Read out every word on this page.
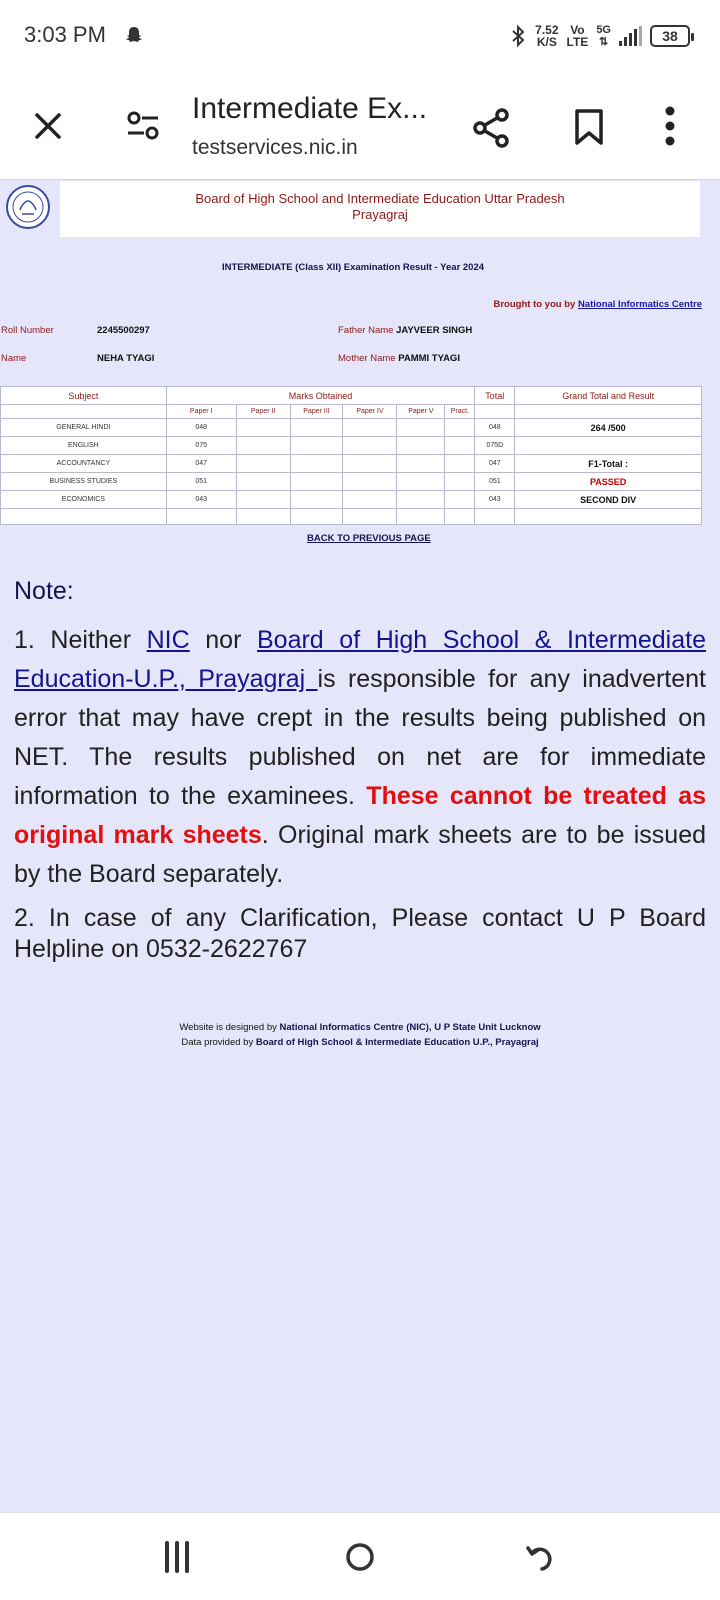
3:03 PM	7.52
K/S
Vo
LTE
5G
⇅	38
Intermediate Ex...
testservices.nic.in
Board of High School and Intermediate Education Uttar Pradesh
Prayagraj
INTERMEDIATE (Class XII) Examination Result - Year 2024
Brought to you by National Informatics Centre
Roll Number	2245500297	Father Name JAYVEER SINGH
Name	NEHA TYAGI	Mother Name PAMMI TYAGI
Subject	Marks Obtained						Total	Grand Total and Result
	Paper I	Paper II	Paper III	Paper IV	Paper V	Pract.		
GENERAL HINDI	048						048	264 /500
ENGLISH	075						075D	
ACCOUNTANCY	047						047	F1-Total :
BUSINESS STUDIES	051						051	PASSED
ECONOMICS	043						043	SECOND DIV

BACK TO PREVIOUS PAGE
Note:
1. Neither NIC nor Board of High School & Intermediate Education-U.P., Prayagraj is responsible for any inadvertent error that may have crept in the results being published on NET. The results published on net are for immediate information to the examinees. These cannot be treated as original mark sheets. Original mark sheets are to be issued by the Board separately.
2. In case of any Clarification, Please contact U P Board Helpline on 0532-2622767
Website is designed by National Informatics Centre (NIC), U P State Unit Lucknow
Data provided by Board of High School & Intermediate Education U.P., Prayagraj
